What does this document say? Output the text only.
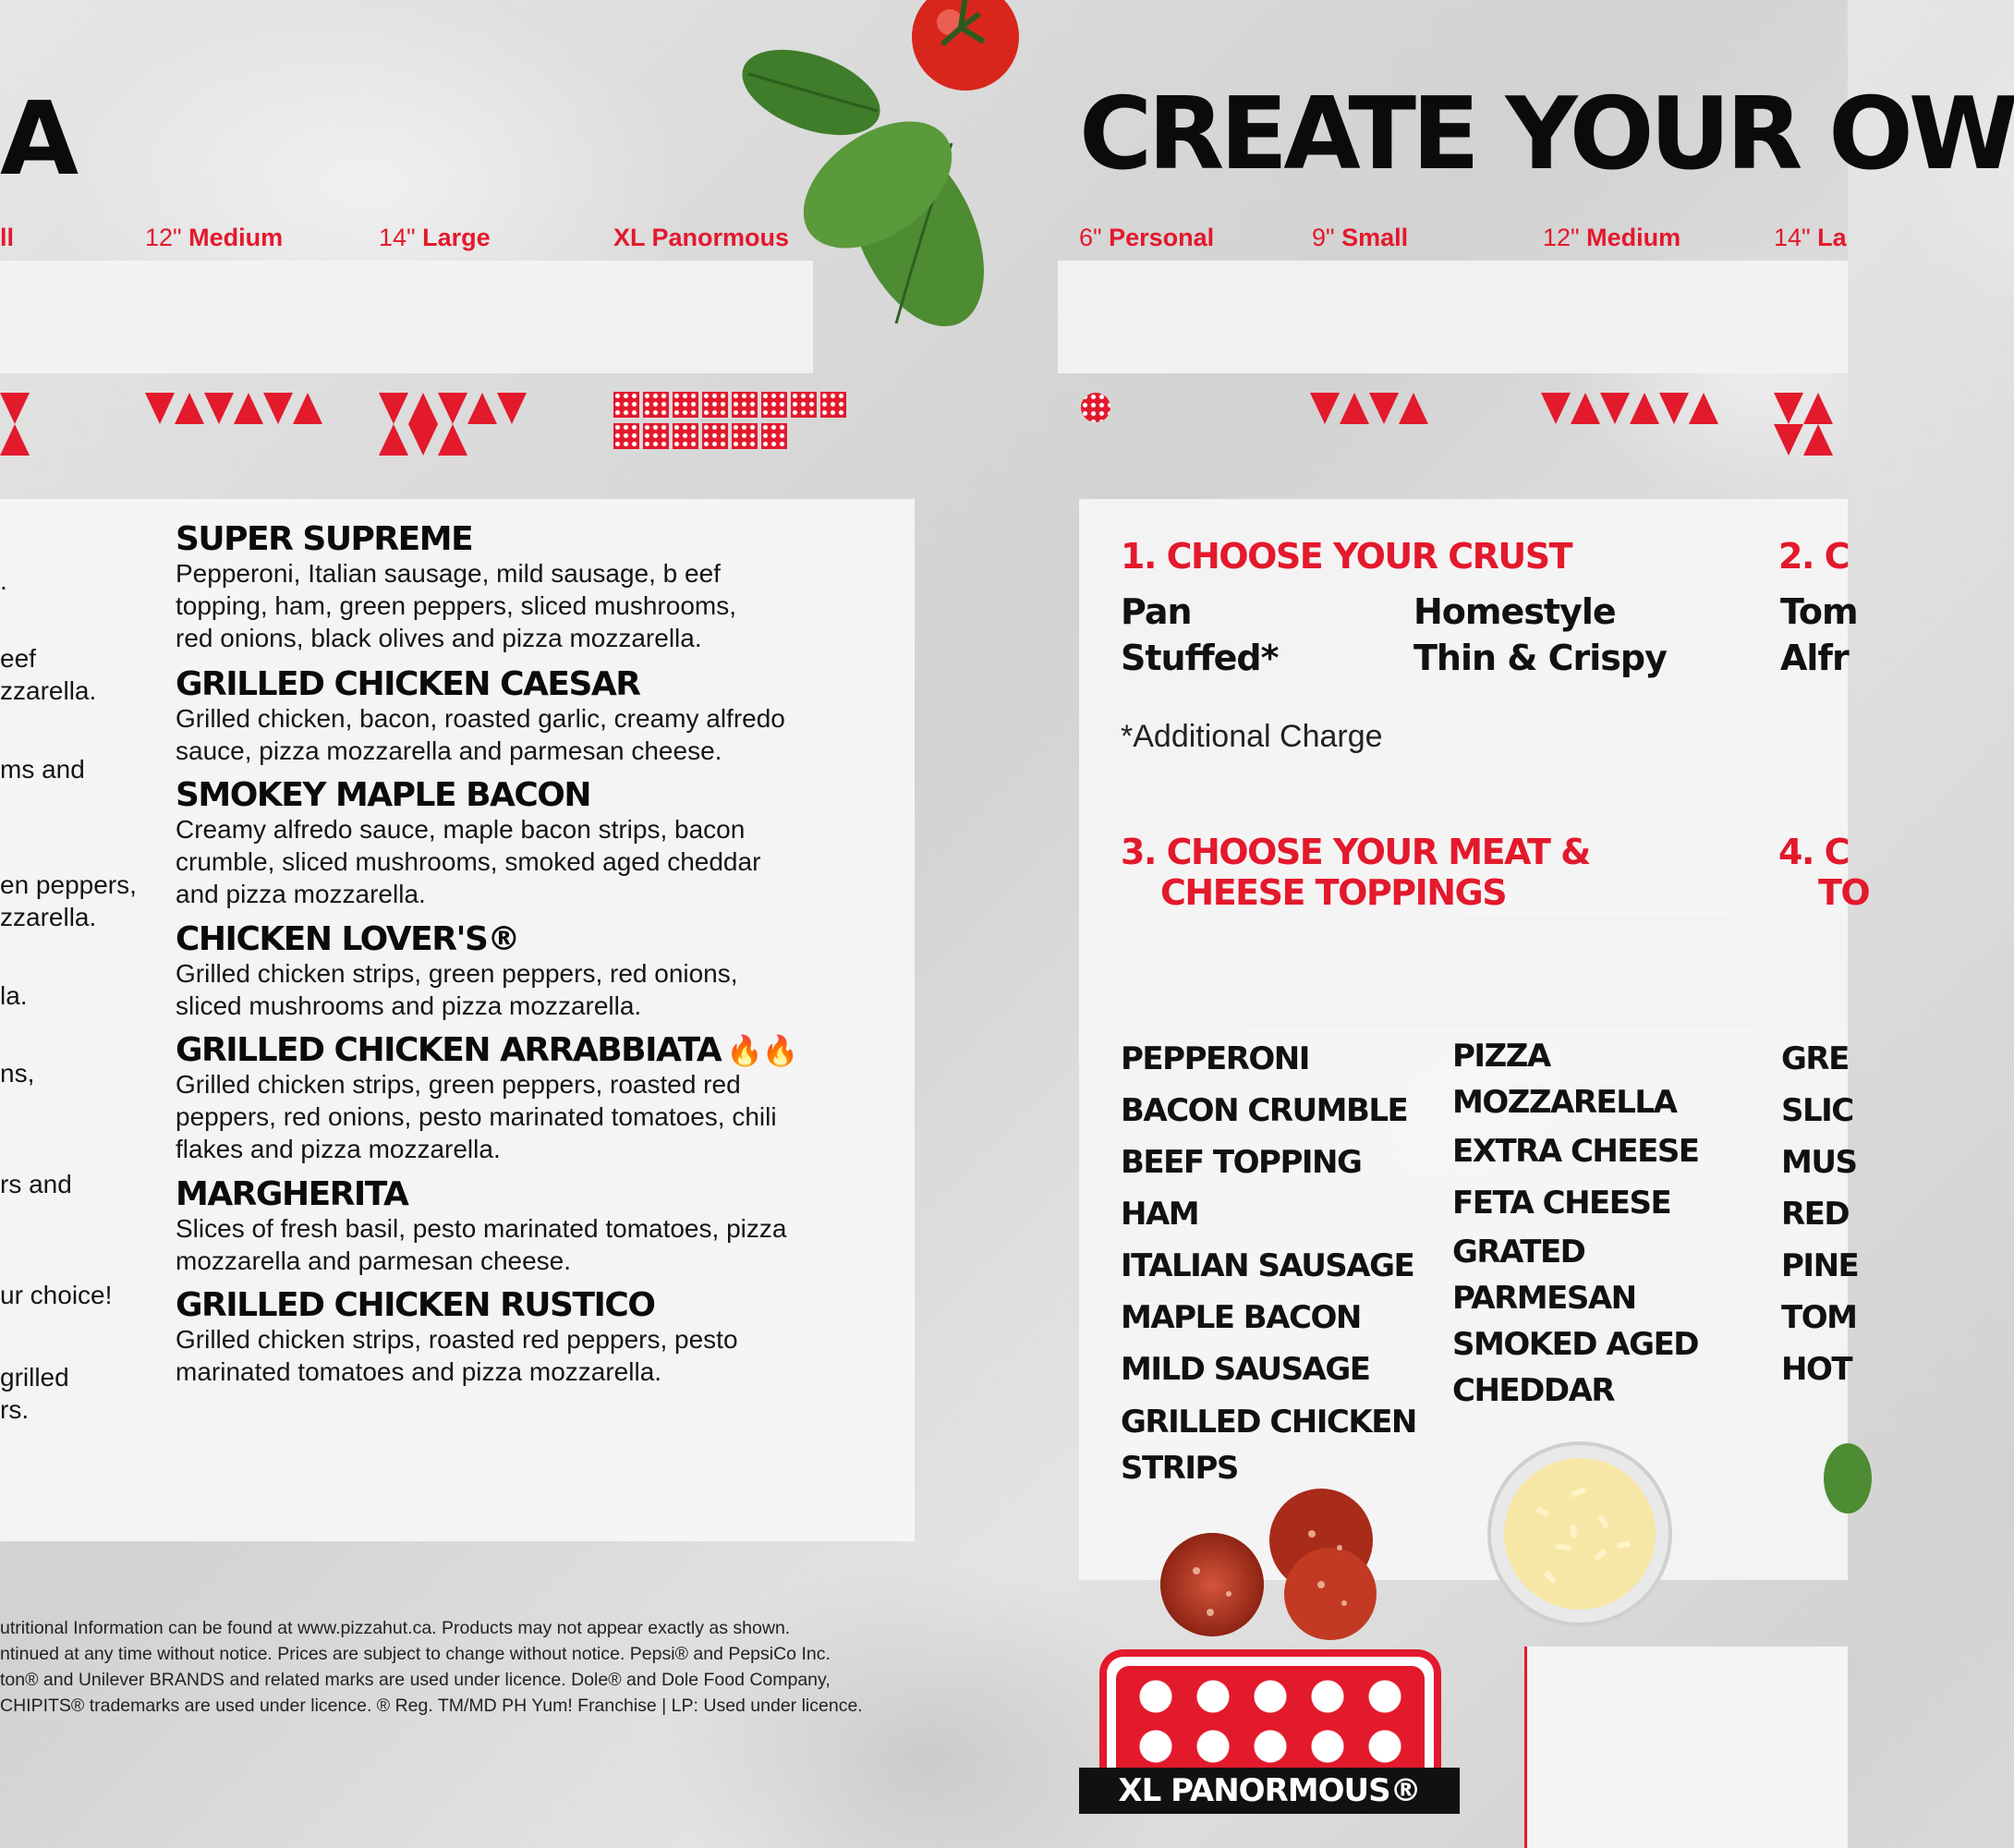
A
ll	12" Medium	14" Large	XL Panormous
.
eef
zzarella.
ms and
en peppers,
zzarella.
la.
ns,
rs and
ur choice!
grilled
rs.
SUPER SUPREME
Pepperoni, Italian sausage, mild sausage, b eef
topping, ham, green peppers, sliced mushrooms,
red onions, black olives and pizza mozzarella.
GRILLED CHICKEN CAESAR
Grilled chicken, bacon, roasted garlic, creamy alfredo
sauce, pizza mozzarella and parmesan cheese.
SMOKEY MAPLE BACON
Creamy alfredo sauce, maple bacon strips, bacon
crumble, sliced mushrooms, smoked aged cheddar
and pizza mozzarella.
CHICKEN LOVER'S®
Grilled chicken strips, green peppers, red onions,
sliced mushrooms and pizza mozzarella.
GRILLED CHICKEN ARRABBIATA 🔥🔥
Grilled chicken strips, green peppers, roasted red
peppers, red onions, pesto marinated tomatoes, chili
flakes and pizza mozzarella.
MARGHERITA
Slices of fresh basil, pesto marinated tomatoes, pizza
mozzarella and parmesan cheese.
GRILLED CHICKEN RUSTICO
Grilled chicken strips, roasted red peppers, pesto
marinated tomatoes and pizza mozzarella.
utritional Information can be found at www.pizzahut.ca. Products may not appear exactly as shown.
ntinued at any time without notice. Prices are subject to change without notice. Pepsi® and PepsiCo Inc.
ton® and Unilever BRANDS and related marks are used under licence. Dole® and Dole Food Company,
CHIPITS® trademarks are used under licence. ® Reg. TM/MD PH Yum! Franchise | LP: Used under licence.
CREATE YOUR OW
6" Personal	9" Small	12" Medium	14" La
1. CHOOSE YOUR CRUST
Pan	Homestyle
Stuffed*	Thin & Crispy
*Additional Charge
2. C
Tom
Alfr
3. CHOOSE YOUR MEAT &
CHEESE TOPPINGS
4. C
TO
PEPPERONI
BACON CRUMBLE
BEEF TOPPING
HAM
ITALIAN SAUSAGE
MAPLE BACON
MILD SAUSAGE
GRILLED CHICKEN
STRIPS
PIZZA
MOZZARELLA
EXTRA CHEESE
FETA CHEESE
GRATED
PARMESAN
SMOKED AGED
CHEDDAR
GRE
SLIC
MUS
RED
PINE
TOM
HOT
XL PANORMOUS®
